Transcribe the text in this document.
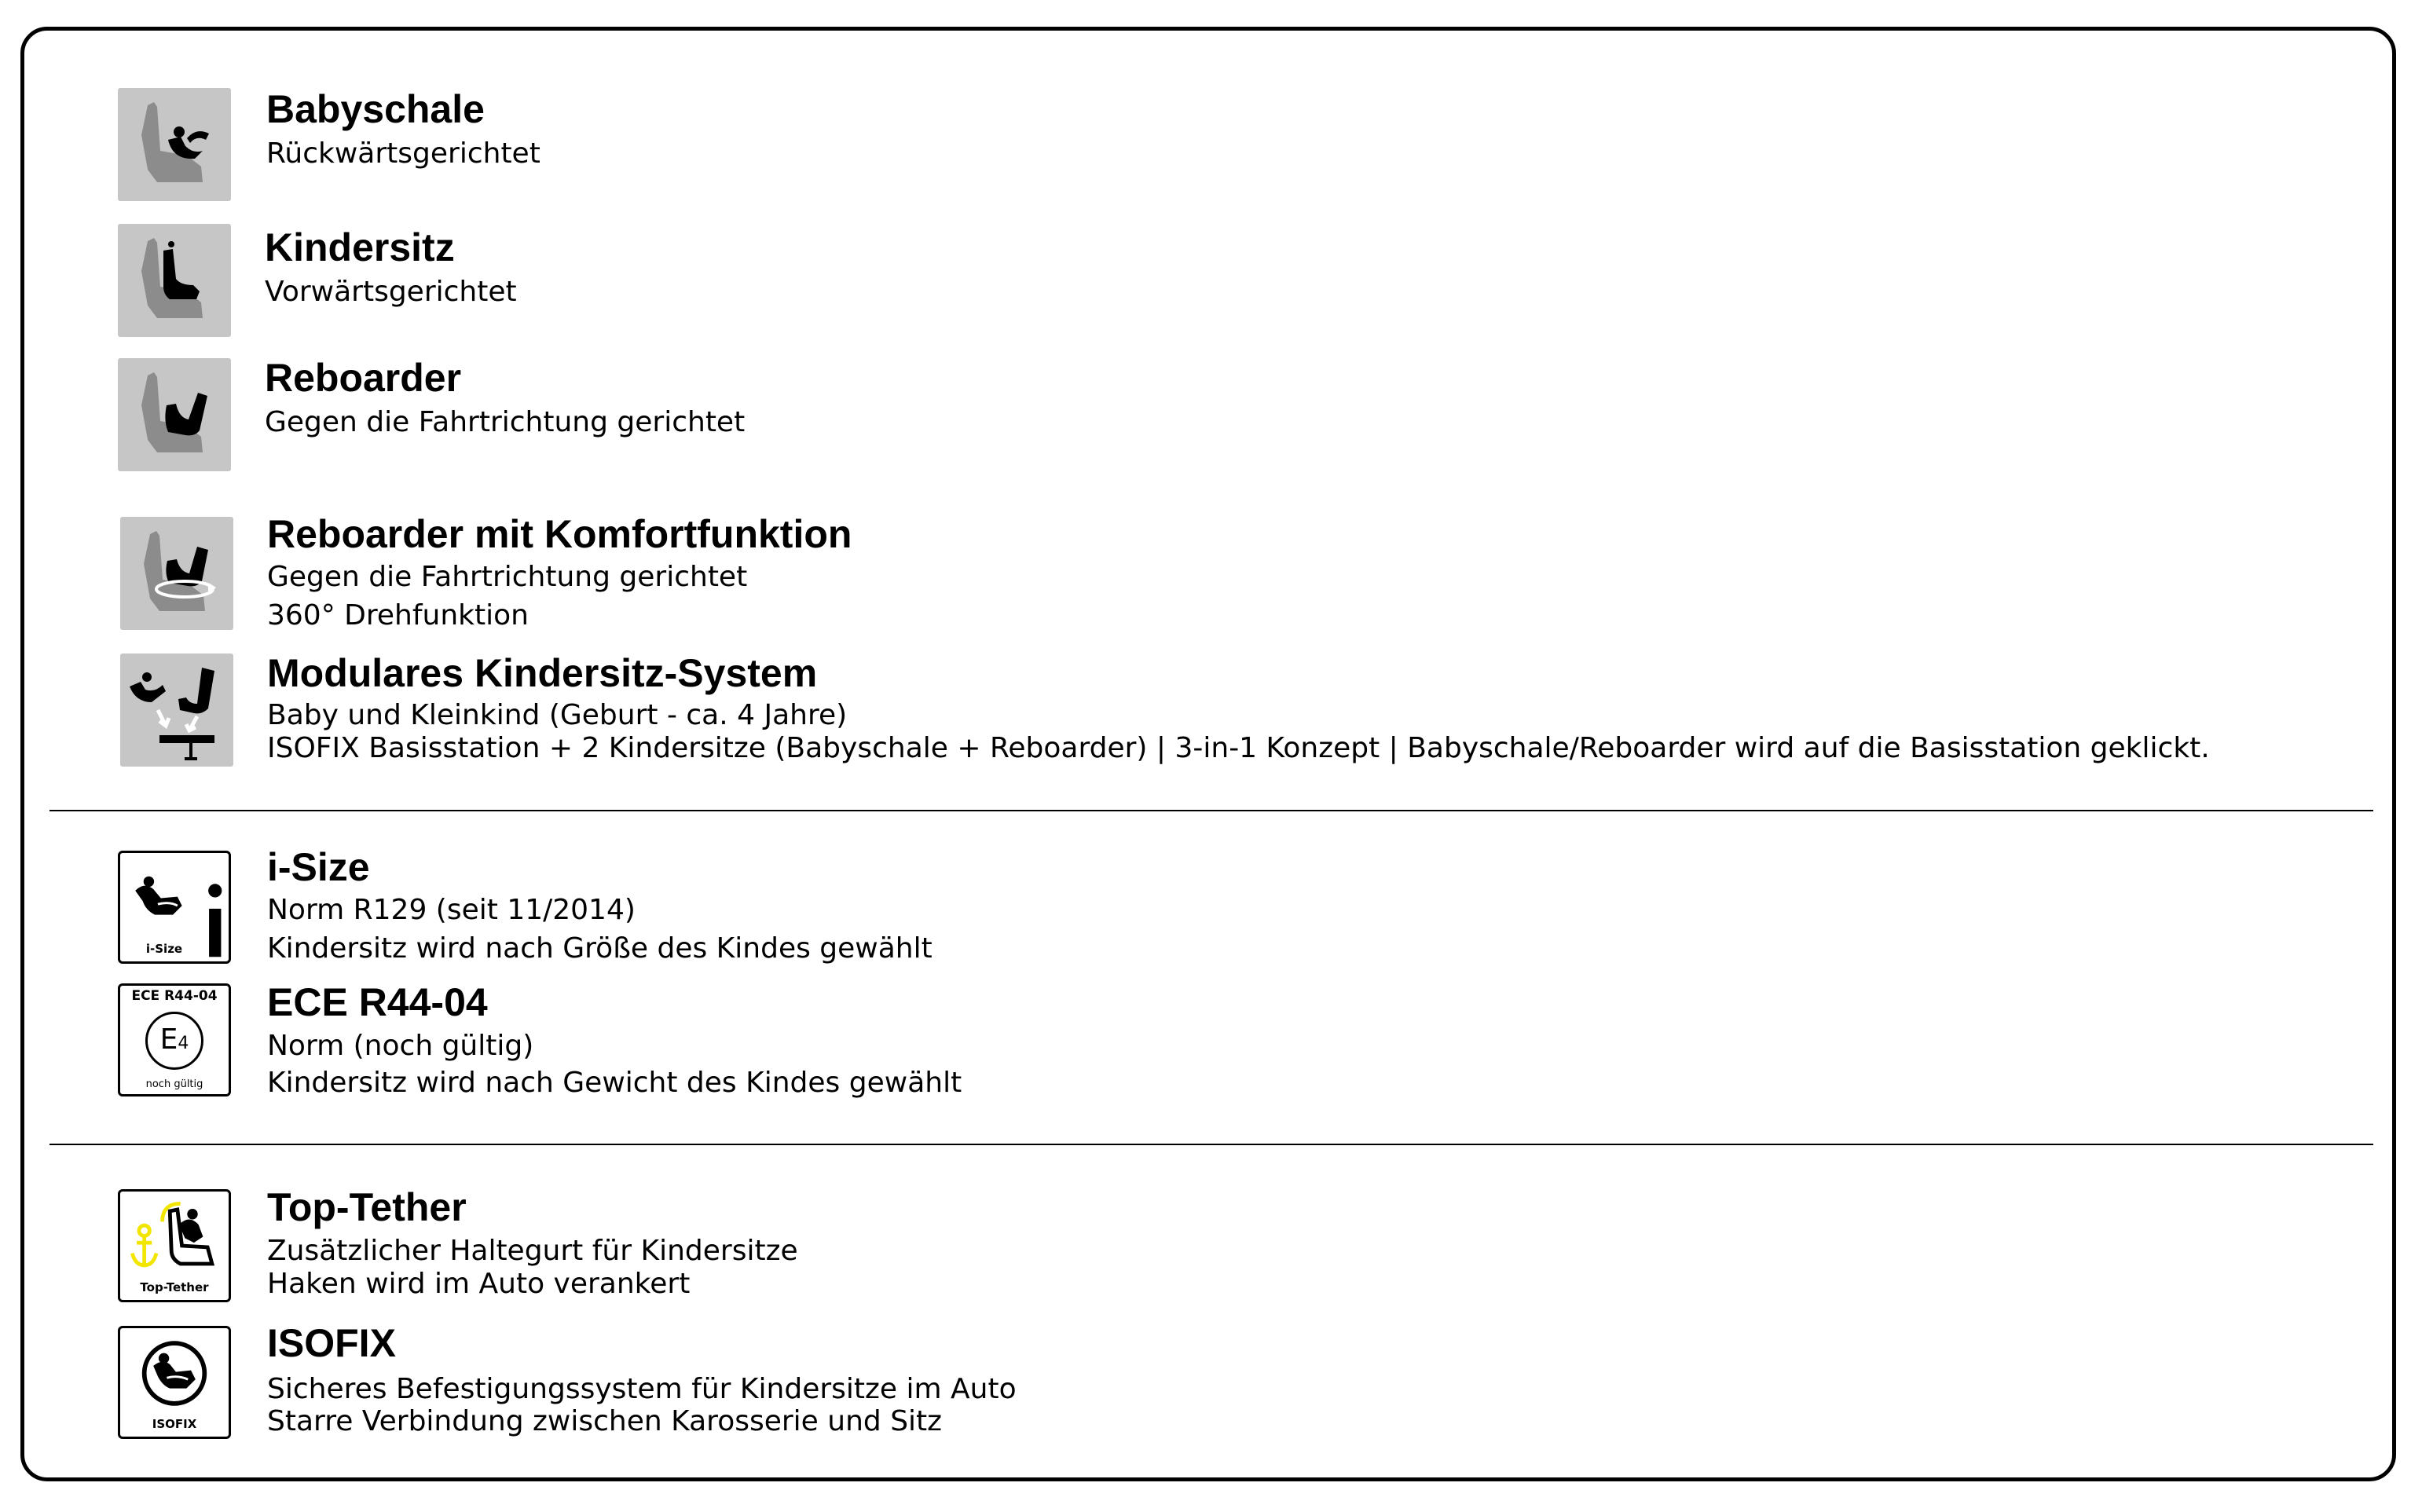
Babyschale
Rückwärtsgerichtet
Kindersitz
Vorwärtsgerichtet
Reboarder
Gegen die Fahrtrichtung gerichtet
Reboarder mit Komfortfunktion
Gegen die Fahrtrichtung gerichtet
360° Drehfunktion
Modulares Kindersitz-System
Baby und Kleinkind (Geburt - ca. 4 Jahre)
ISOFIX Basisstation + 2 Kindersitze (Babyschale + Reboarder) | 3-in-1 Konzept | Babyschale/Reboarder wird auf die Basisstation geklickt.
i-Size
i-Size
Norm R129 (seit 11/2014)
Kindersitz wird nach Größe des Kindes gewählt
ECE R44-04
E4
noch gültig
ECE R44-04
Norm (noch gültig)
Kindersitz wird nach Gewicht des Kindes gewählt
Top-Tether
Top-Tether
Zusätzlicher Haltegurt für Kindersitze
Haken wird im Auto verankert
ISOFIX
ISOFIX
Sicheres Befestigungssystem für Kindersitze im Auto
Starre Verbindung zwischen Karosserie und Sitz
